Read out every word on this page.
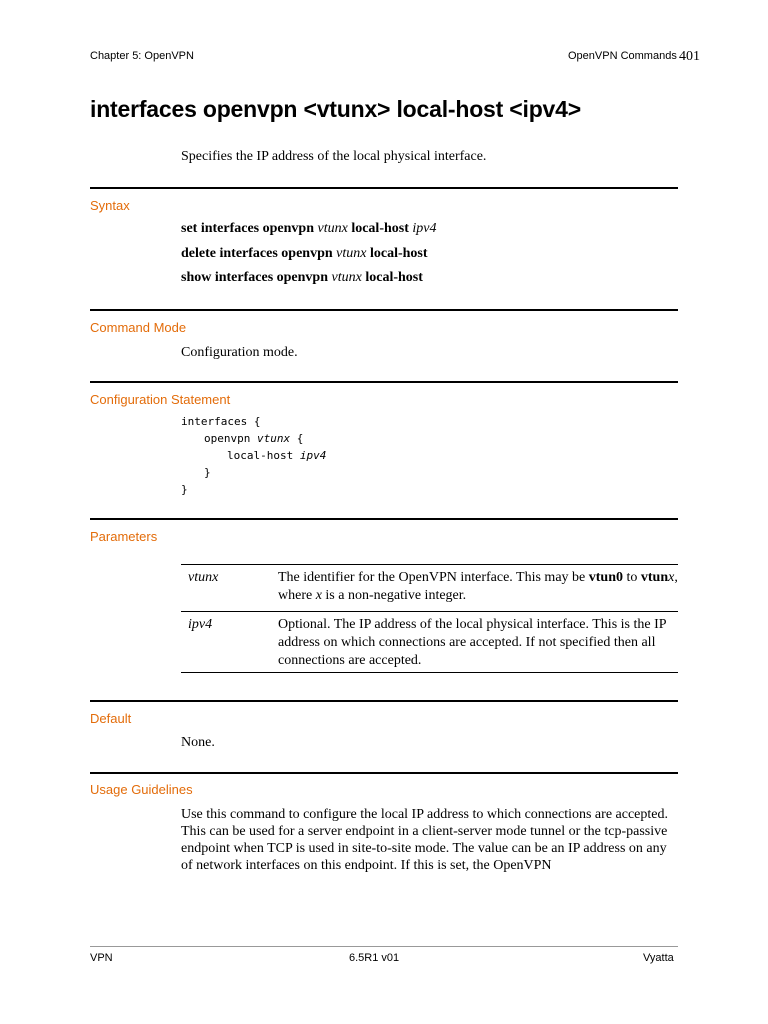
Chapter 5: OpenVPN	OpenVPN Commands 401
interfaces openvpn <vtunx> local-host <ipv4>
Specifies the IP address of the local physical interface.
Syntax
set interfaces openvpn vtunx local-host ipv4
delete interfaces openvpn vtunx local-host
show interfaces openvpn vtunx local-host
Command Mode
Configuration mode.
Configuration Statement
interfaces {
openvpn vtunx {
local-host ipv4
}
}
Parameters
vtunx	The identifier for the OpenVPN interface. This may be vtun0 to vtunx, where x is a non-negative integer.
ipv4	Optional. The IP address of the local physical interface. This is the IP address on which connections are accepted. If not specified then all connections are accepted.
Default
None.
Usage Guidelines
Use this command to configure the local IP address to which connections are accepted. This can be used for a server endpoint in a client-server mode tunnel or the tcp-passive endpoint when TCP is used in site-to-site mode. The value can be an IP address on any of network interfaces on this endpoint. If this is set, the OpenVPN
VPN	6.5R1 v01	Vyatta
